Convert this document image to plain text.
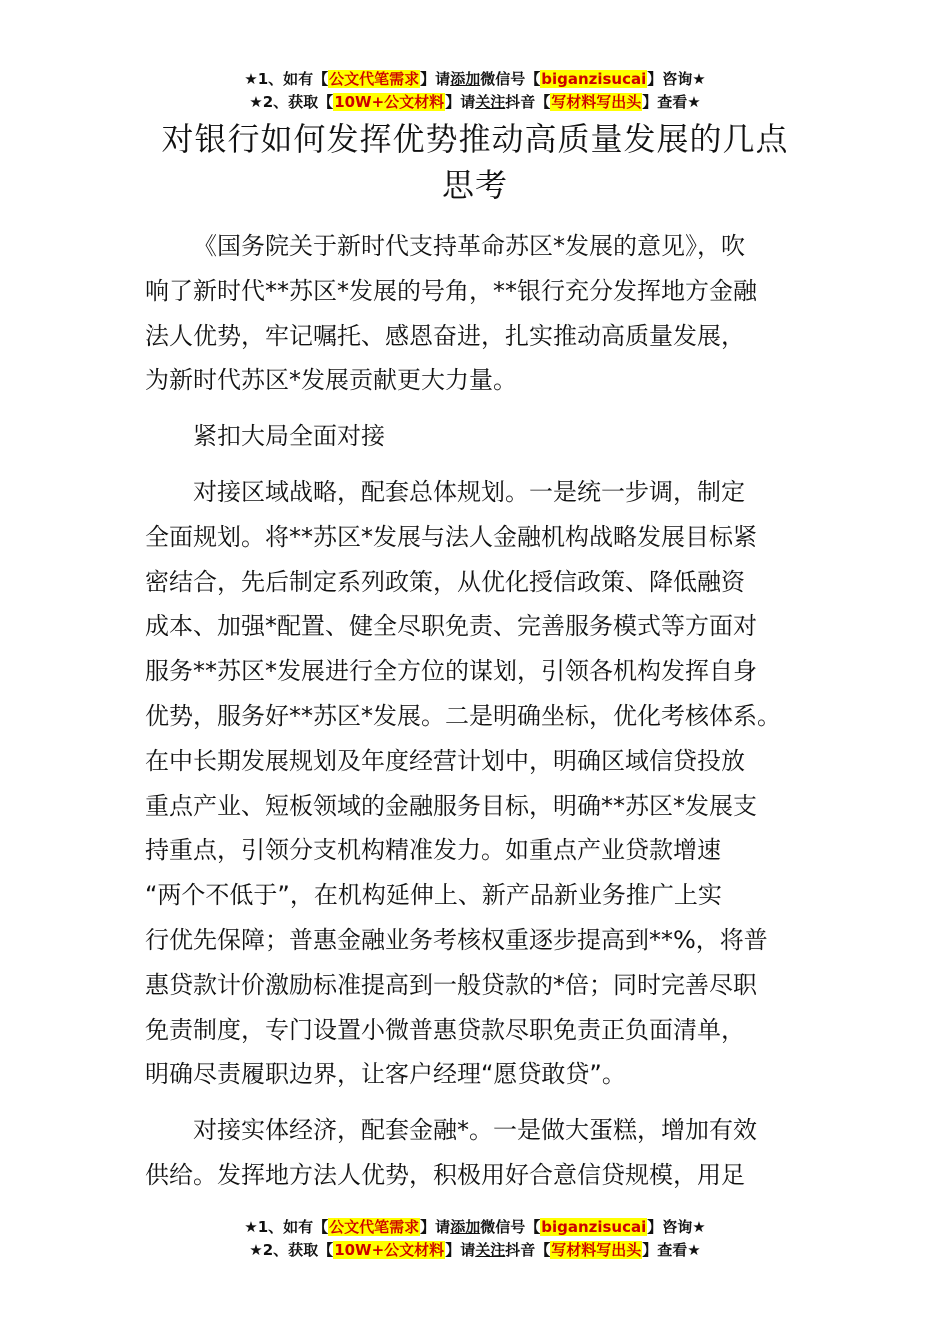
★1、如有【公文代笔需求】请添加微信号【biganzisucai】咨询★
★2、获取【10W+公文材料】请关注抖音【写材料写出头】查看★
对银行如何发挥优势推动高质量发展的几点
思考
《国务院关于新时代支持革命苏区*发展的意见》，吹
响了新时代**苏区*发展的号角，**银行充分发挥地方金融
法人优势，牢记嘱托、感恩奋进，扎实推动高质量发展，
为新时代苏区*发展贡献更大力量。
紧扣大局全面对接
对接区域战略，配套总体规划。一是统一步调，制定
全面规划。将**苏区*发展与法人金融机构战略发展目标紧
密结合，先后制定系列政策，从优化授信政策、降低融资
成本、加强*配置、健全尽职免责、完善服务模式等方面对
服务**苏区*发展进行全方位的谋划，引领各机构发挥自身
优势，服务好**苏区*发展。二是明确坐标，优化考核体系。
在中长期发展规划及年度经营计划中，明确区域信贷投放
重点产业、短板领域的金融服务目标，明确**苏区*发展支
持重点，引领分支机构精准发力。如重点产业贷款增速
“两个不低于”，在机构延伸上、新产品新业务推广上实
行优先保障；普惠金融业务考核权重逐步提高到**%，将普
惠贷款计价激励标准提高到一般贷款的*倍；同时完善尽职
免责制度，专门设置小微普惠贷款尽职免责正负面清单，
明确尽责履职边界，让客户经理“愿贷敢贷”。
对接实体经济，配套金融*。一是做大蛋糕，增加有效
供给。发挥地方法人优势，积极用好合意信贷规模，用足
★1、如有【公文代笔需求】请添加微信号【biganzisucai】咨询★
★2、获取【10W+公文材料】请关注抖音【写材料写出头】查看★
